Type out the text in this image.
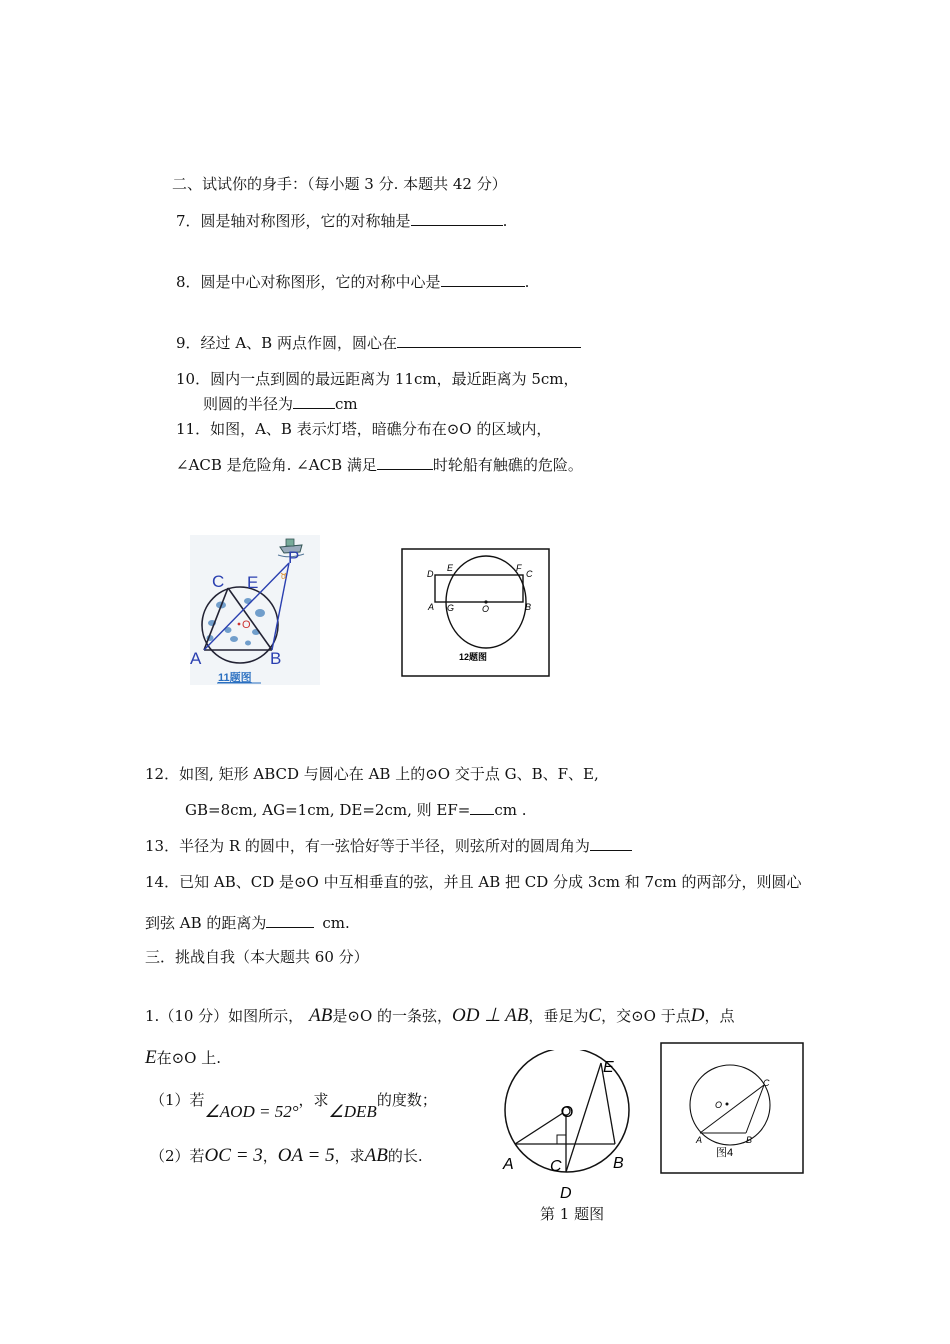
二、试试你的身手：（每小题 3 分. 本题共 42 分）
7．圆是轴对称图形，它的对称轴是	.
8．圆是中心对称图形，它的对称中心是	.
9．经过 A、B 两点作圆，圆心在
10．圆内一点到圆的最远距离为 11cm，最近距离为 5cm，
则圆的半径为	cm
11．如图，A、B 表示灯塔，暗礁分布在⊙O 的区域内，
∠ACB 是危险角. ∠ACB 满足	时轮船有触礁的危险。
α
O
C E
P
A	B
11题图
D
E	F
C
A G	O	B
12题图
12．如图, 矩形 ABCD 与圆心在 AB 上的⊙O 交于点 G、B、F、E,
GB=8cm, AG=1cm, DE=2cm, 则 EF= cm .
13．半径为 R 的圆中，有一弦恰好等于半径，则弦所对的圆周角为
14．已知 AB、CD 是⊙O 中互相垂直的弦，并且 AB 把 CD 分成 3cm 和 7cm 的两部分，则圆心
到弦 AB 的距离为	cm.
三．挑战自我（本大题共 60 分）
1.（10 分）如图所示， AB是⊙O 的一条弦，OD ⊥ AB，垂足为C，交⊙O 于点D，点
E在⊙O 上.
（1）若∠AOD = 52°，求∠DEB的度数；
（2）若OC = 3，OA = 5，求AB的长.
E
O
A C	B
D
第 1 题图
O
A	B
C
图4
